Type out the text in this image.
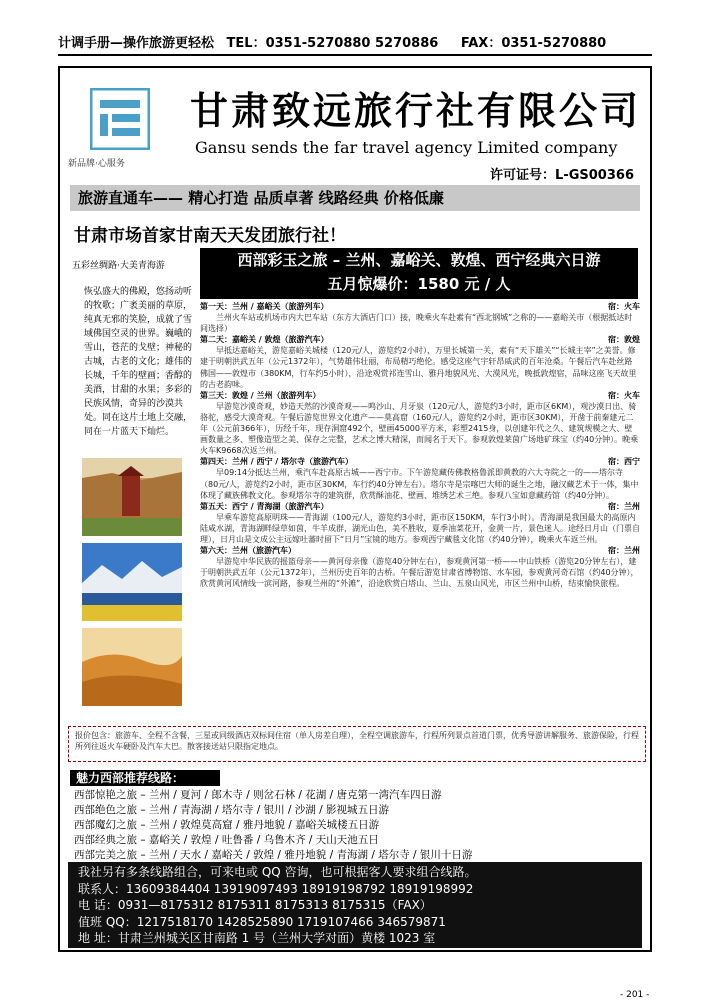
计调手册—操作旅游更轻松 TEL：0351-5270880 5270886 FAX：0351-5270880
新品牌·心服务
甘肃致远旅行社有限公司
Gansu sends the far travel agency Limited company
许可证号：L-GS00366
旅游直通车—— 精心打造 品质卓著 线路经典 价格低廉
甘肃市场首家甘南天天发团旅行社！
五彩丝绸路·大美青海游
恢弘盛大的佛殿，悠扬动听的牧歌；广袤美丽的草原，纯真无邪的笑脸，成就了雪域佛国空灵的世界。巍峨的雪山，苍茫的戈壁；神秘的古城，古老的文化；雄伟的长城，千年的壁画；香醇的美酒，甘甜的水果；多彩的民族风情，奇异的沙漠共处。同在这片土地上交融，同在一片蓝天下灿烂。
西部彩玉之旅 – 兰州、嘉峪关、敦煌、西宁经典六日游
五月惊爆价：1580 元 / 人
第一天：兰州 / 嘉峪关（旅游列车）	宿：火车
兰州火车站或机场市内大巴车站（东方大酒店门口）接，晚乘火车赴素有“西北钢城”之称的——嘉峪关市（根据抵达时间选择）
第二天：嘉峪关 / 敦煌（旅游汽车）	宿：敦煌
早抵达嘉峪关，游览嘉峪关城楼（120元/人，游览约2小时），万里长城第一关，素有“天下雄关”“长城主宰”之美誉。修建于明朝洪武五年（公元1372年），气势雄伟壮丽，布局精巧绝伦。感受这座气宇轩昂威武的百年沧桑。午餐后汽车赴丝路佛国——敦煌市（380KM，行车约5小时），沿途观赏祁连雪山、雅丹地貌风光、大漠风光，晚抵敦煌宿，品味这座飞天故里的古老韵味。
第三天：敦煌 / 兰州（旅游列车）	宿：火车
早游览沙漠奇观，妙造天然的沙漠奇观——鸣沙山、月牙泉（120元/人，游览约3小时，距市区6KM），观沙漠日出、骑骆驼，感受大漠奇观。午餐后游览世界文化遗产——莫高窟（160元/人，游览约2小时，距市区30KM），开凿于前秦建元二年（公元前366年），历经千年，现存洞窟492个，壁画45000平方米，彩塑2415身，以创建年代之久、建筑规模之大、壁画数量之多、塑像造型之美、保存之完整，艺术之博大精深，而闻名于天下。参观敦煌莱茵广场地矿珠宝（约40分钟）。晚乘火车K9668次返兰州。
第四天：兰州 / 西宁 / 塔尔寺（旅游汽车）	宿：西宁
早09:14分抵达兰州，乘汽车赴高原古城——西宁市。下午游览藏传佛教格鲁派即黄教的六大寺院之一的——塔尔寺（80元/人，游览约2小时，距市区30KM，车行约40分钟左右）。塔尔寺是宗喀巴大师的诞生之地，融汉藏艺术于一体，集中体现了藏族佛教文化。参观塔尔寺的建筑群，欣赏酥油花、壁画、堆绣艺术三绝。参观八宝如意藏药馆（约40分钟）。
第五天：西宁 / 青海湖（旅游汽车）	宿：兰州
早乘车游览高原明珠——青海湖（100元/人，游览约3小时，距市区150KM，车行3小时）。青海湖是我国最大的高原内陆咸水湖，青海湖畔绿草如茵，牛羊成群，湖光山色，美不胜收，夏季油菜花开，金黄一片，景色迷人。途经日月山（门票自理），日月山是文成公主远嫁吐蕃时留下“日月”宝镜的地方。参观西宁藏毯文化馆（约40分钟），晚乘火车返兰州。
第六天：兰州（旅游汽车）	宿：兰州
早游览中华民族的摇篮母亲——黄河母亲像（游览40分钟左右），参观黄河第一桥——中山铁桥（游览20分钟左右），建于明朝洪武五年（公元1372年），兰州历史百年的古桥。午餐后游览甘肃省博物馆、水车园，参观黄河奇石馆（约40分钟），欣赏黄河风情线一滨河路，参观兰州的“外滩”，沿途欣赏白塔山、兰山、五泉山风光，市区兰州中山桥，结束愉快旅程。
报价包含：旅游车、全程不含餐，三星或同级酒店双标间住宿（单人房差自理），全程空调旅游车，行程所列景点首道门票，优秀导游讲解服务、旅游保险，行程所列往返火车硬卧及汽车大巴。散客接送站只限指定地点。
魅力西部推荐线路：
西部惊艳之旅 – 兰州 / 夏河 / 郎木寺 / 则岔石林 / 花湖 / 唐克第一湾汽车四日游
西部绝色之旅 – 兰州 / 青海湖 / 塔尔寺 / 银川 / 沙湖 / 影视城五日游
西部魔幻之旅 – 兰州 / 敦煌莫高窟 / 雅丹地貌 / 嘉峪关城楼五日游
西部经典之旅 – 嘉峪关 / 敦煌 / 吐鲁番 / 乌鲁木齐 / 天山天池五日
西部完美之旅 – 兰州 / 天水 / 嘉峪关 / 敦煌 / 雅丹地貌 / 青海湖 / 塔尔寺 / 银川十日游
我社另有多条线路组合，可来电或 QQ 咨询，也可根据客人要求组合线路。
联系人：13609384404 13919097493 18919198792 18919198992
电 话：0931—8175312 8175311 8175313 8175315（FAX）
值班 QQ：1217518170 1428525890 1719107466 346579871
地 址：甘肃兰州城关区甘南路 1 号（兰州大学对面）黄楼 1023 室
- 201 -
